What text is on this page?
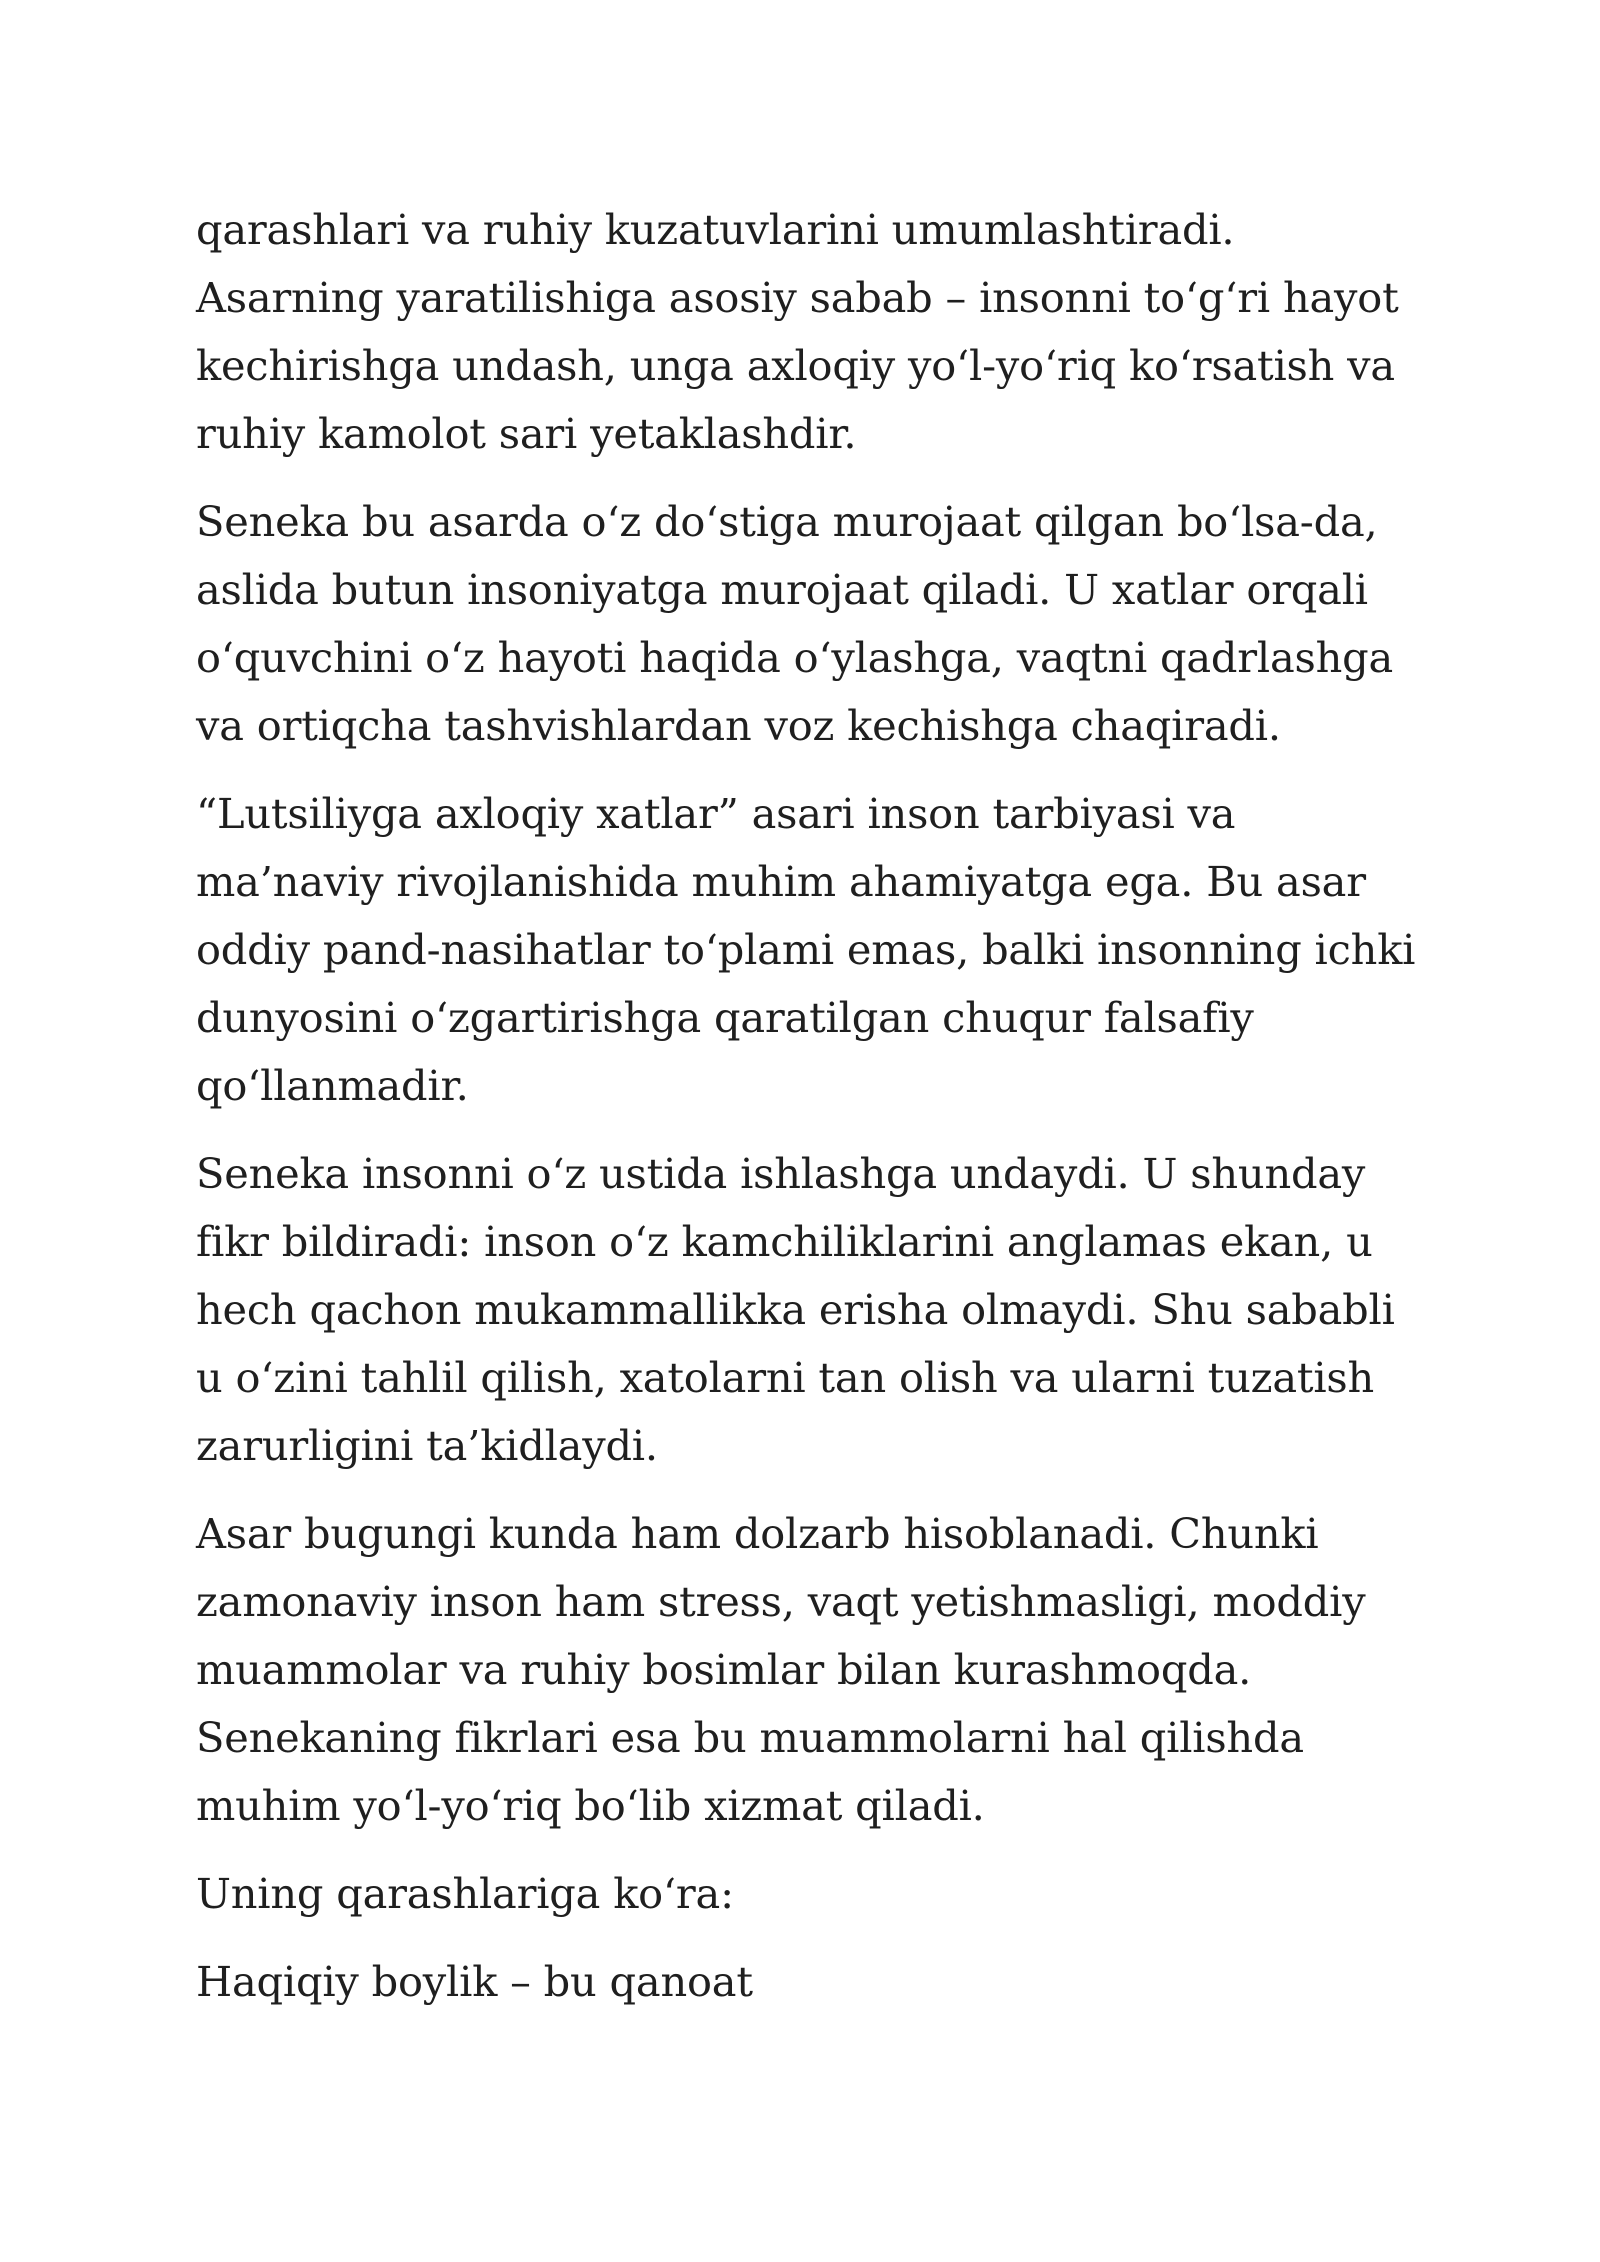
qarashlari va ruhiy kuzatuvlarini umumlashtiradi.
Asarning yaratilishiga asosiy sabab – insonni to‘g‘ri hayot
kechirishga undash, unga axloqiy yo‘l-yo‘riq ko‘rsatish va
ruhiy kamolot sari yetaklashdir.

Seneka bu asarda o‘z do‘stiga murojaat qilgan bo‘lsa-da,
aslida butun insoniyatga murojaat qiladi. U xatlar orqali
o‘quvchini o‘z hayoti haqida o‘ylashga, vaqtni qadrlashga
va ortiqcha tashvishlardan voz kechishga chaqiradi.

“Lutsiliyga axloqiy xatlar” asari inson tarbiyasi va
ma’naviy rivojlanishida muhim ahamiyatga ega. Bu asar
oddiy pand-nasihatlar to‘plami emas, balki insonning ichki
dunyosini o‘zgartirishga qaratilgan chuqur falsafiy
qo‘llanmadir.

Seneka insonni o‘z ustida ishlashga undaydi. U shunday
fikr bildiradi: inson o‘z kamchiliklarini anglamas ekan, u
hech qachon mukammallikka erisha olmaydi. Shu sababli
u o‘zini tahlil qilish, xatolarni tan olish va ularni tuzatish
zarurligini ta’kidlaydi.

Asar bugungi kunda ham dolzarb hisoblanadi. Chunki
zamonaviy inson ham stress, vaqt yetishmasligi, moddiy
muammolar va ruhiy bosimlar bilan kurashmoqda.
Senekaning fikrlari esa bu muammolarni hal qilishda
muhim yo‘l-yo‘riq bo‘lib xizmat qiladi.

Uning qarashlariga ko‘ra:

Haqiqiy boylik – bu qanoat
